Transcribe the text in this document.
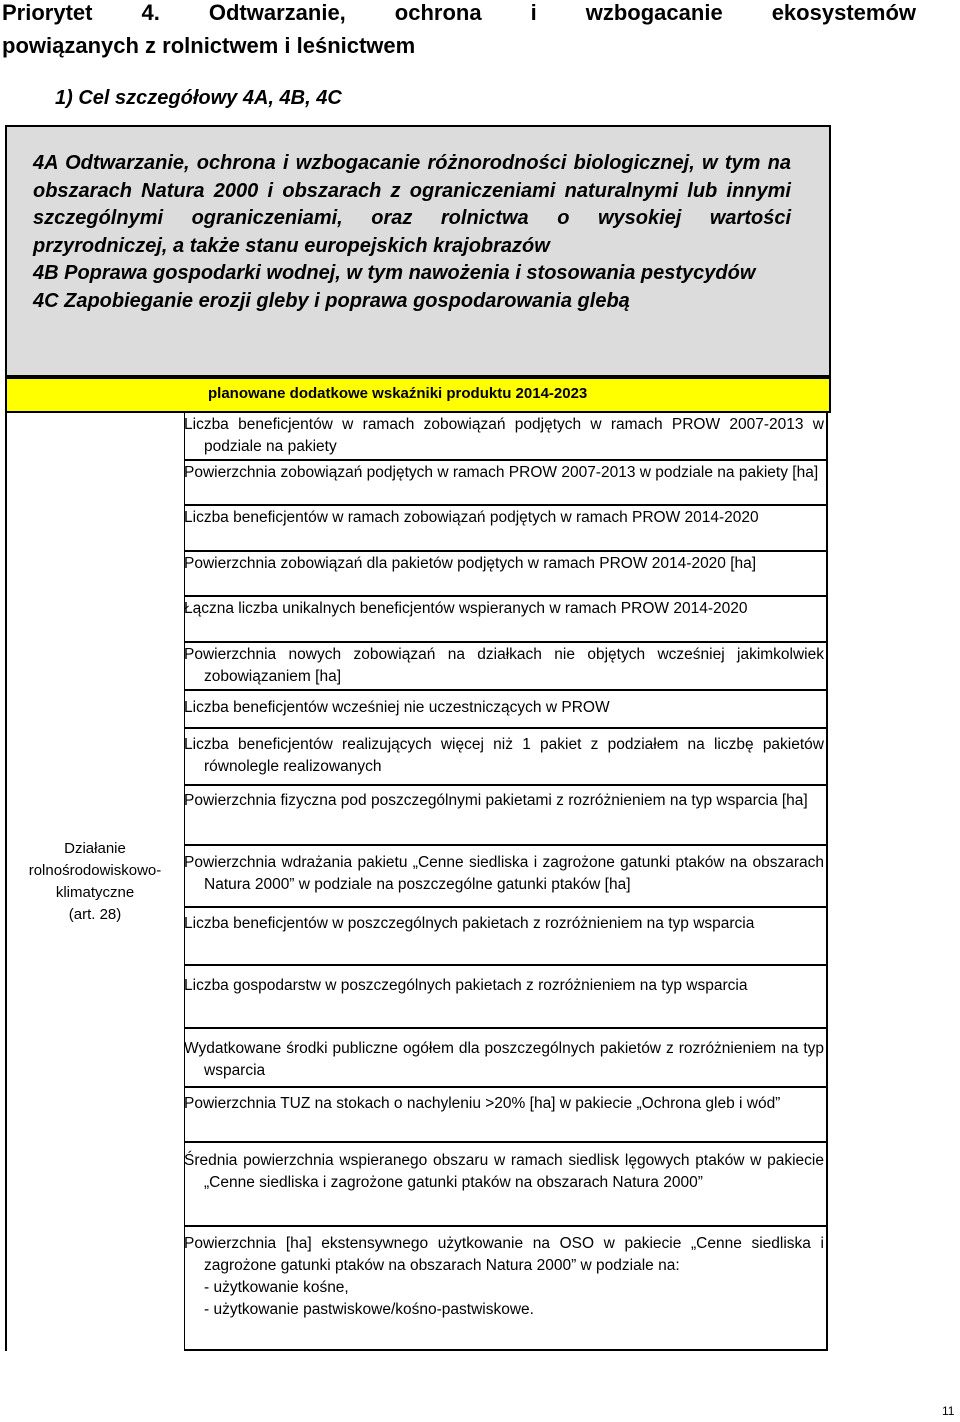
Priorytet 4. Odtwarzanie, ochrona i wzbogacanie ekosystemów
powiązanych z rolnictwem i leśnictwem
1) Cel szczegółowy 4A, 4B, 4C

4A Odtwarzanie, ochrona i wzbogacanie różnorodności biologicznej, w tym na obszarach Natura 2000 i obszarach z ograniczeniami naturalnymi lub innymi szczególnymi ograniczeniami, oraz rolnictwa o wysokiej wartości przyrodniczej, a także stanu europejskich krajobrazów

4B Poprawa gospodarki wodnej, w tym nawożenia i stosowania pestycydów

4C Zapobieganie erozji gleby i poprawa gospodarowania glebą

planowane dodatkowe wskaźniki produktu 2014-2023
Działanie
rolnośrodowiskowo-klimatyczne
(art. 28)
Liczba beneficjentów w ramach zobowiązań podjętych w ramach PROW 2007-2013 w podziale na pakiety
Powierzchnia zobowiązań podjętych w ramach PROW 2007-2013 w podziale na pakiety [ha]
Liczba beneficjentów w ramach zobowiązań podjętych w ramach PROW 2014-2020
Powierzchnia zobowiązań dla pakietów podjętych w ramach PROW 2014-2020 [ha]
Łączna liczba unikalnych beneficjentów wspieranych w ramach PROW 2014-2020
Powierzchnia nowych zobowiązań na działkach nie objętych wcześniej jakimkolwiek zobowiązaniem [ha]
Liczba beneficjentów wcześniej nie uczestniczących w PROW
Liczba beneficjentów realizujących więcej niż 1 pakiet z podziałem na liczbę pakietów równolegle realizowanych
Powierzchnia fizyczna pod poszczególnymi pakietami z rozróżnieniem na typ wsparcia [ha]
Powierzchnia wdrażania pakietu „Cenne siedliska i zagrożone gatunki ptaków na obszarach Natura 2000” w podziale na poszczególne gatunki ptaków [ha]
Liczba beneficjentów w poszczególnych pakietach z rozróżnieniem na typ wsparcia
Liczba gospodarstw w poszczególnych pakietach z rozróżnieniem na typ wsparcia
Wydatkowane środki publiczne ogółem dla poszczególnych pakietów z rozróżnieniem na typ wsparcia
Powierzchnia TUZ na stokach o nachyleniu >20% [ha] w pakiecie „Ochrona gleb i wód”
Średnia powierzchnia wspieranego obszaru w ramach siedlisk lęgowych ptaków w pakiecie „Cenne siedliska i zagrożone gatunki ptaków na obszarach Natura 2000”
Powierzchnia [ha] ekstensywnego użytkowanie na OSO w pakiecie „Cenne siedliska i zagrożone gatunki ptaków na obszarach Natura 2000” w podziale na:
- użytkowanie kośne,
- użytkowanie pastwiskowe/kośno-pastwiskowe.
11
